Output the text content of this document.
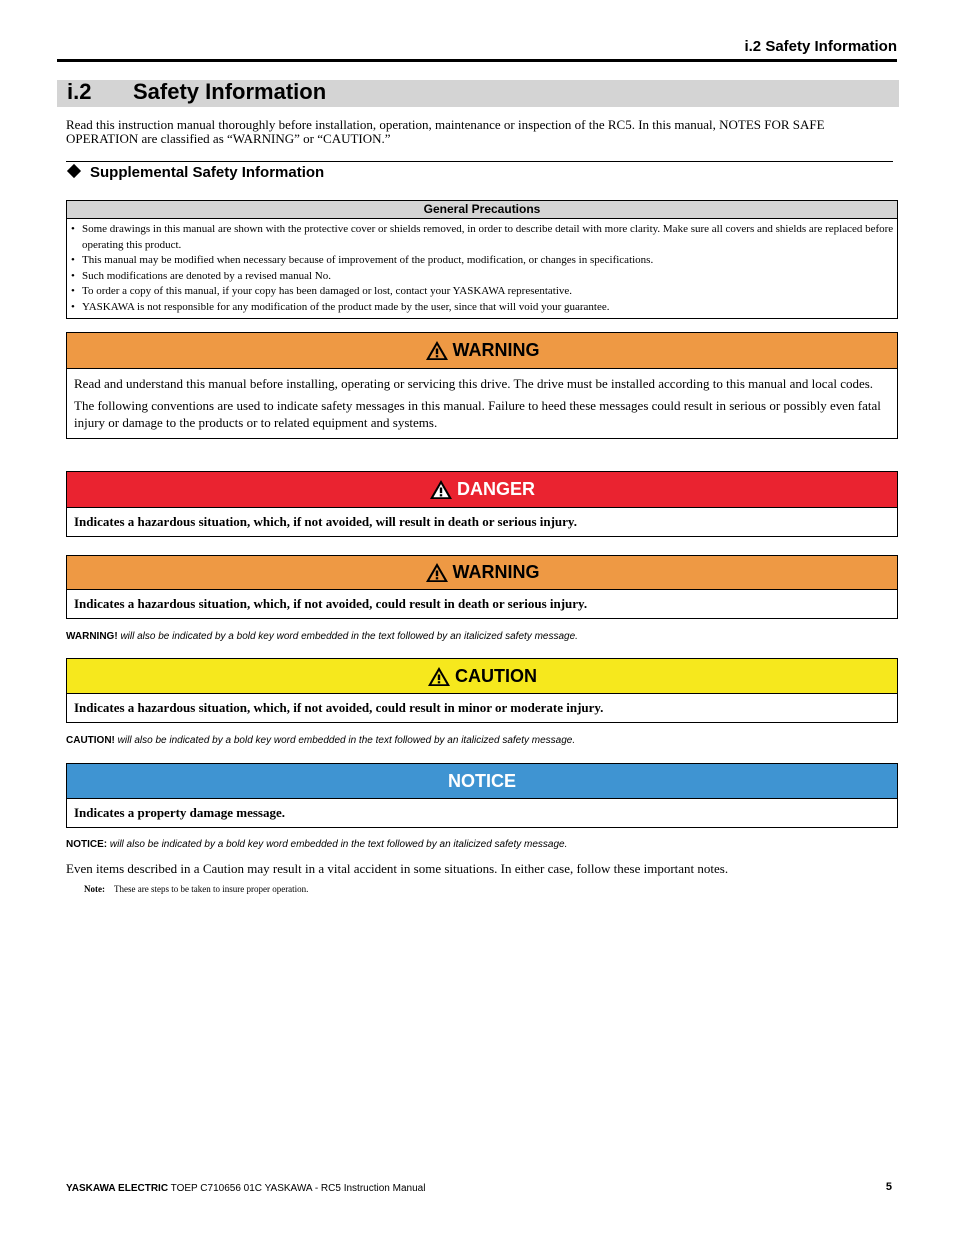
i.2 Safety Information
i.2 Safety Information
Read this instruction manual thoroughly before installation, operation, maintenance or inspection of the RC5. In this manual, NOTES FOR SAFE OPERATION are classified as “WARNING” or “CAUTION.”
Supplemental Safety Information
General Precautions
• Some drawings in this manual are shown with the protective cover or shields removed, in order to describe detail with more clarity. Make sure all covers and shields are replaced before operating this product.
• This manual may be modified when necessary because of improvement of the product, modification, or changes in specifications.
• Such modifications are denoted by a revised manual No.
• To order a copy of this manual, if your copy has been damaged or lost, contact your YASKAWA representative.
• YASKAWA is not responsible for any modification of the product made by the user, since that will void your guarantee.
WARNING

Read and understand this manual before installing, operating or servicing this drive. The drive must be installed according to this manual and local codes.

The following conventions are used to indicate safety messages in this manual. Failure to heed these messages could result in serious or possibly even fatal injury or damage to the products or to related equipment and systems.

DANGER
Indicates a hazardous situation, which, if not avoided, will result in death or serious injury.
WARNING
Indicates a hazardous situation, which, if not avoided, could result in death or serious injury.
WARNING! will also be indicated by a bold key word embedded in the text followed by an italicized safety message.
CAUTION
Indicates a hazardous situation, which, if not avoided, could result in minor or moderate injury.
CAUTION! will also be indicated by a bold key word embedded in the text followed by an italicized safety message.
NOTICE
Indicates a property damage message.
NOTICE: will also be indicated by a bold key word embedded in the text followed by an italicized safety message.
Even items described in a Caution may result in a vital accident in some situations. In either case, follow these important notes.
Note: These are steps to be taken to insure proper operation.
YASKAWA ELECTRIC TOEP C710656 01C YASKAWA - RC5 Instruction Manual	5
